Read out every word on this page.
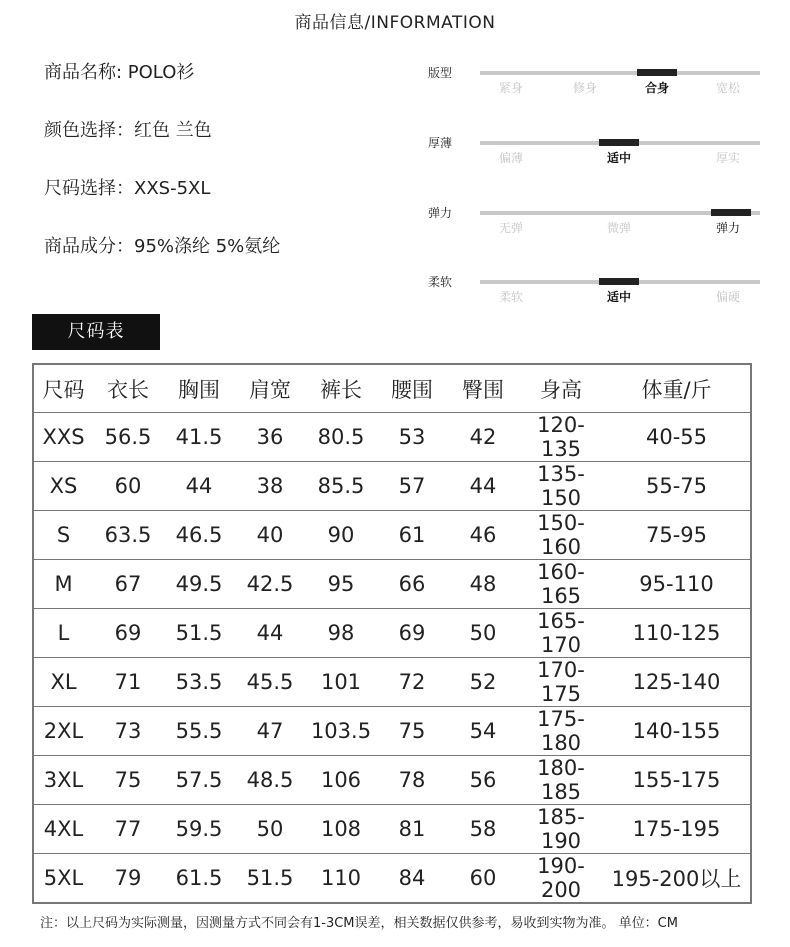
商品信息/INFORMATION
商品名称: POLO衫
颜色选择：红色 兰色
尺码选择：XXS-5XL
商品成分：95%涤纶 5%氨纶
版型
紧身	修身	合身	宽松
厚薄
偏薄	适中	厚实
弹力
无弹	微弹	弹力
柔软
柔软	适中	偏硬
尺码表
尺码	衣长	胸围	肩宽	裤长	腰围	臀围	身高	体重/斤
XXS	56.5	41.5	36	80.5	53	42	120-135	40-55
XS	60	44	38	85.5	57	44	135-150	55-75
S	63.5	46.5	40	90	61	46	150-160	75-95
M	67	49.5	42.5	95	66	48	160-165	95-110
L	69	51.5	44	98	69	50	165-170	110-125
XL	71	53.5	45.5	101	72	52	170-175	125-140
2XL	73	55.5	47	103.5	75	54	175-180	140-155
3XL	75	57.5	48.5	106	78	56	180-185	155-175
4XL	77	59.5	50	108	81	58	185-190	175-195
5XL	79	61.5	51.5	110	84	60	190-200	195-200以上
注：以上尺码为实际测量，因测量方式不同会有1-3CM误差，相关数据仅供参考，易收到实物为准。 单位：CM
